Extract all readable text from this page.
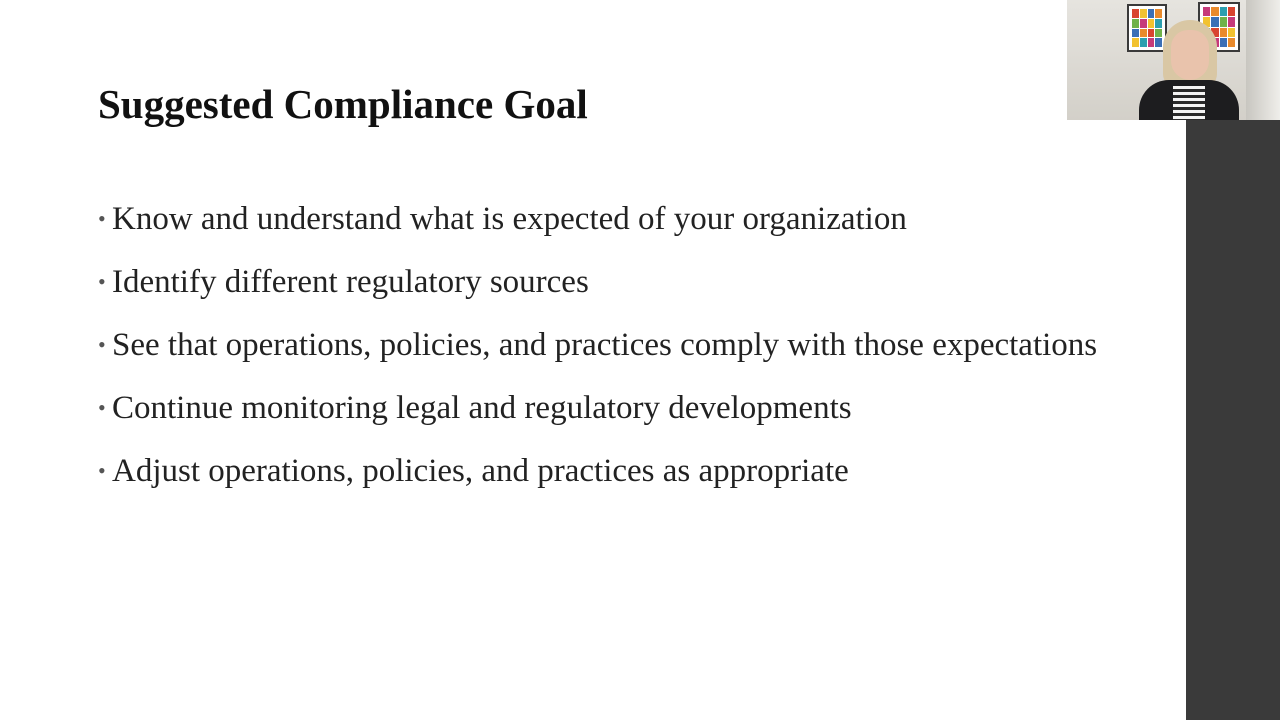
Suggested Compliance Goal
• Know and understand what is expected of your organization
• Identify different regulatory sources
• See that operations, policies, and practices comply with those expectations
• Continue monitoring legal and regulatory developments
• Adjust operations, policies, and practices as appropriate
